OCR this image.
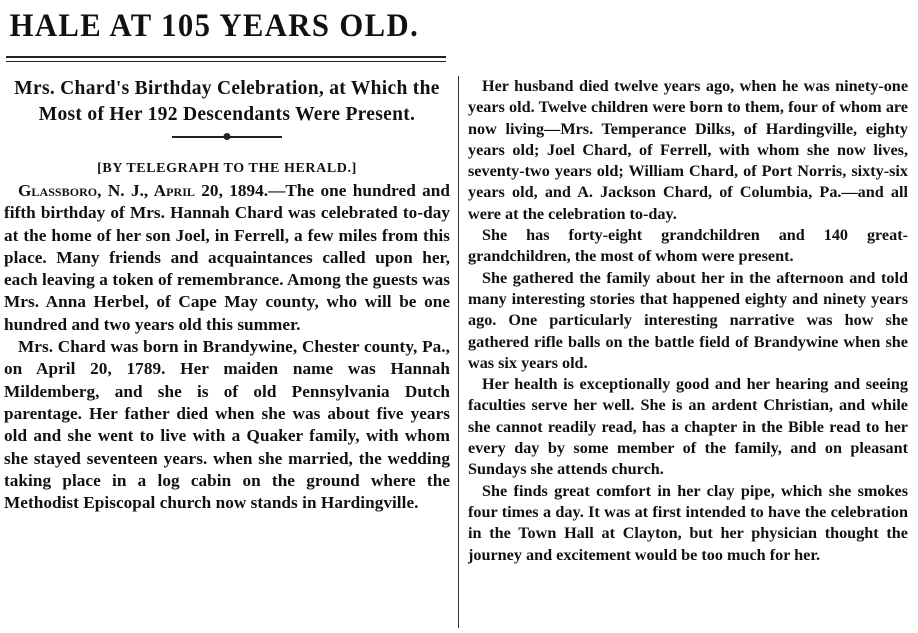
HALE AT 105 YEARS OLD.
Mrs. Chard's Birthday Celebration, at Which the Most of Her 192 Descendants Were Present.
[BY TELEGRAPH TO THE HERALD.]

Glassboro, N. J., April 20, 1894.—The one hundred and fifth birthday of Mrs. Hannah Chard was celebrated to-day at the home of her son Joel, in Ferrell, a few miles from this place. Many friends and acquaintances called upon her, each leaving a token of remembrance. Among the guests was Mrs. Anna Herbel, of Cape May county, who will be one hundred and two years old this summer.

Mrs. Chard was born in Brandywine, Chester county, Pa., on April 20, 1789. Her maiden name was Hannah Mildemberg, and she is of old Pennsylvania Dutch parentage. Her father died when she was about five years old and she went to live with a Quaker family, with whom she stayed seventeen years. when she married, the wedding taking place in a log cabin on the ground where the Methodist Episcopal church now stands in Hardingville.

Her husband died twelve years ago, when he was ninety-one years old. Twelve children were born to them, four of whom are now living—Mrs. Temperance Dilks, of Hardingville, eighty years old; Joel Chard, of Ferrell, with whom she now lives, seventy-two years old; William Chard, of Port Norris, sixty-six years old, and A. Jackson Chard, of Columbia, Pa.—and all were at the celebration to-day.

She has forty-eight grandchildren and 140 great-grandchildren, the most of whom were present.

She gathered the family about her in the afternoon and told many interesting stories that happened eighty and ninety years ago. One particularly interesting narrative was how she gathered rifle balls on the battle field of Brandywine when she was six years old.

Her health is exceptionally good and her hearing and seeing faculties serve her well. She is an ardent Christian, and while she cannot readily read, has a chapter in the Bible read to her every day by some member of the family, and on pleasant Sundays she attends church.

She finds great comfort in her clay pipe, which she smokes four times a day. It was at first intended to have the celebration in the Town Hall at Clayton, but her physician thought the journey and excitement would be too much for her.
